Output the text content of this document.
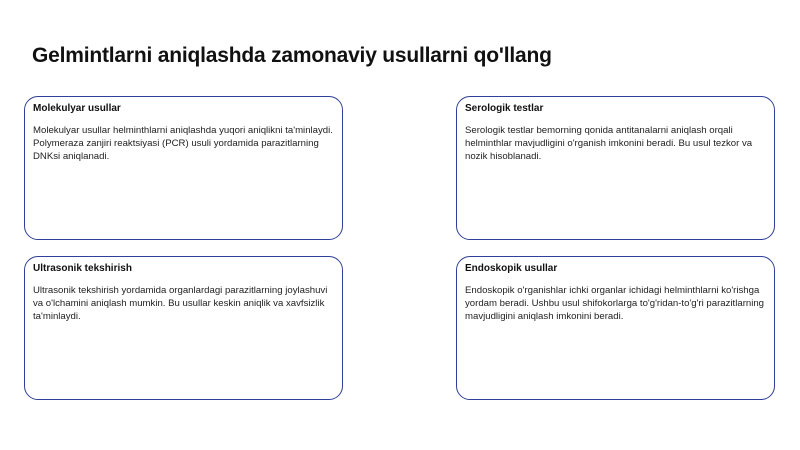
Gelmintlarni aniqlashda zamonaviy usullarni qo'llang
Molekulyar usullar

Molekulyar usullar helminthlarni aniqlashda yuqori aniqlikni ta'minlaydi. Polymeraza zanjiri reaktsiyasi (PCR) usuli yordamida parazitlarning DNKsi aniqlanadi.

Serologik testlar

Serologik testlar bemorning qonida antitanalarni aniqlash orqali helminthlar mavjudligini o'rganish imkonini beradi. Bu usul tezkor va nozik hisoblanadi.

Ultrasonik tekshirish

Ultrasonik tekshirish yordamida organlardagi parazitlarning joylashuvi va o'lchamini aniqlash mumkin. Bu usullar keskin aniqlik va xavfsizlik ta'minlaydi.

Endoskopik usullar

Endoskopik o'rganishlar ichki organlar ichidagi helminthlarni ko'rishga yordam beradi. Ushbu usul shifokorlarga to'g'ridan-to'g'ri parazitlarning mavjudligini aniqlash imkonini beradi.
